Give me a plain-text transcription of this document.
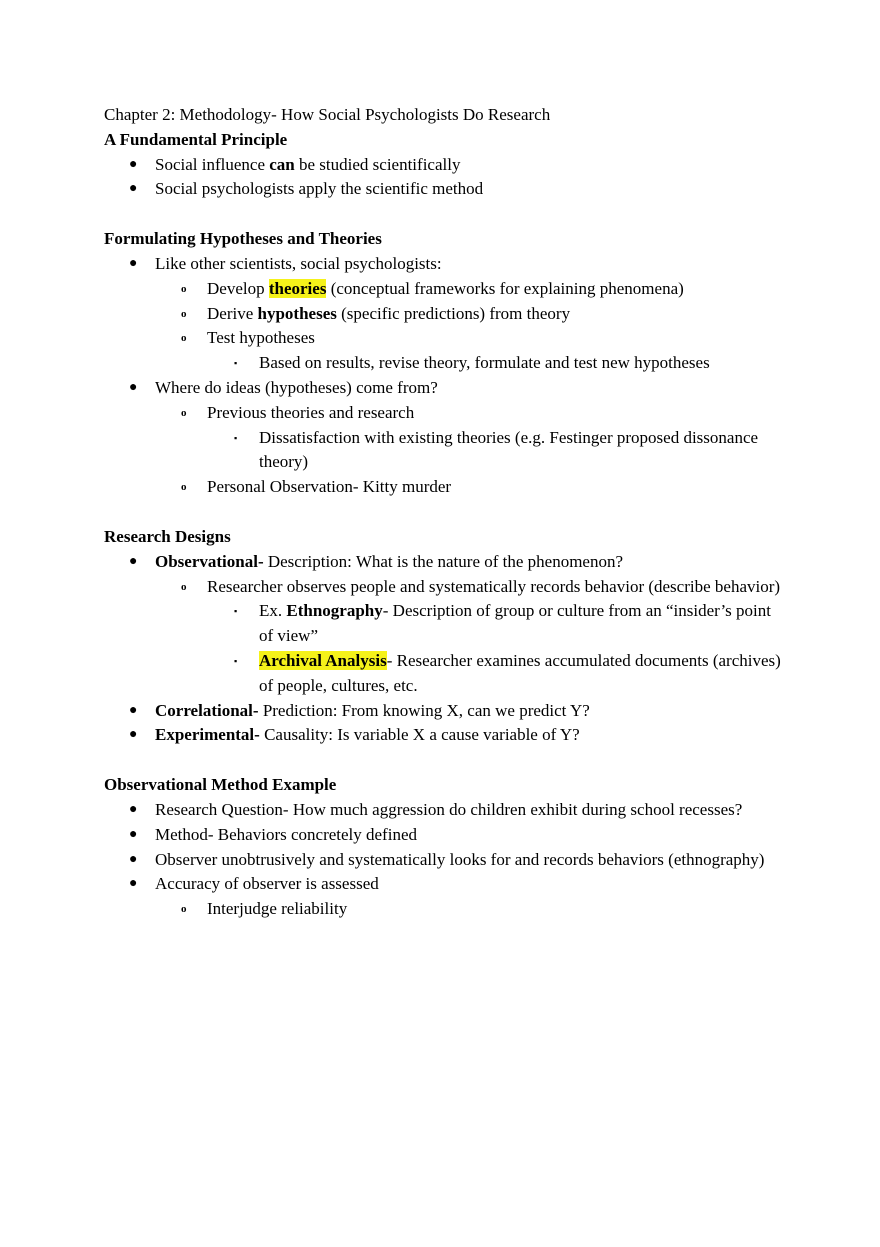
Chapter 2: Methodology- How Social Psychologists Do Research
A Fundamental Principle
● Social influence can be studied scientifically
● Social psychologists apply the scientific method
Formulating Hypotheses and Theories
● Like other scientists, social psychologists:
o Develop theories (conceptual frameworks for explaining phenomena)
o Derive hypotheses (specific predictions) from theory
o Test hypotheses
▪ Based on results, revise theory, formulate and test new hypotheses
● Where do ideas (hypotheses) come from?
o Previous theories and research
▪ Dissatisfaction with existing theories (e.g. Festinger proposed dissonance theory)
o Personal Observation- Kitty murder
Research Designs
● Observational- Description: What is the nature of the phenomenon?
o Researcher observes people and systematically records behavior (describe behavior)
▪ Ex. Ethnography- Description of group or culture from an “insider’s point of view”
▪ Archival Analysis- Researcher examines accumulated documents (archives) of people, cultures, etc.
● Correlational- Prediction: From knowing X, can we predict Y?
● Experimental- Causality: Is variable X a cause variable of Y?
Observational Method Example
● Research Question- How much aggression do children exhibit during school recesses?
● Method- Behaviors concretely defined
● Observer unobtrusively and systematically looks for and records behaviors (ethnography)
● Accuracy of observer is assessed
o Interjudge reliability
